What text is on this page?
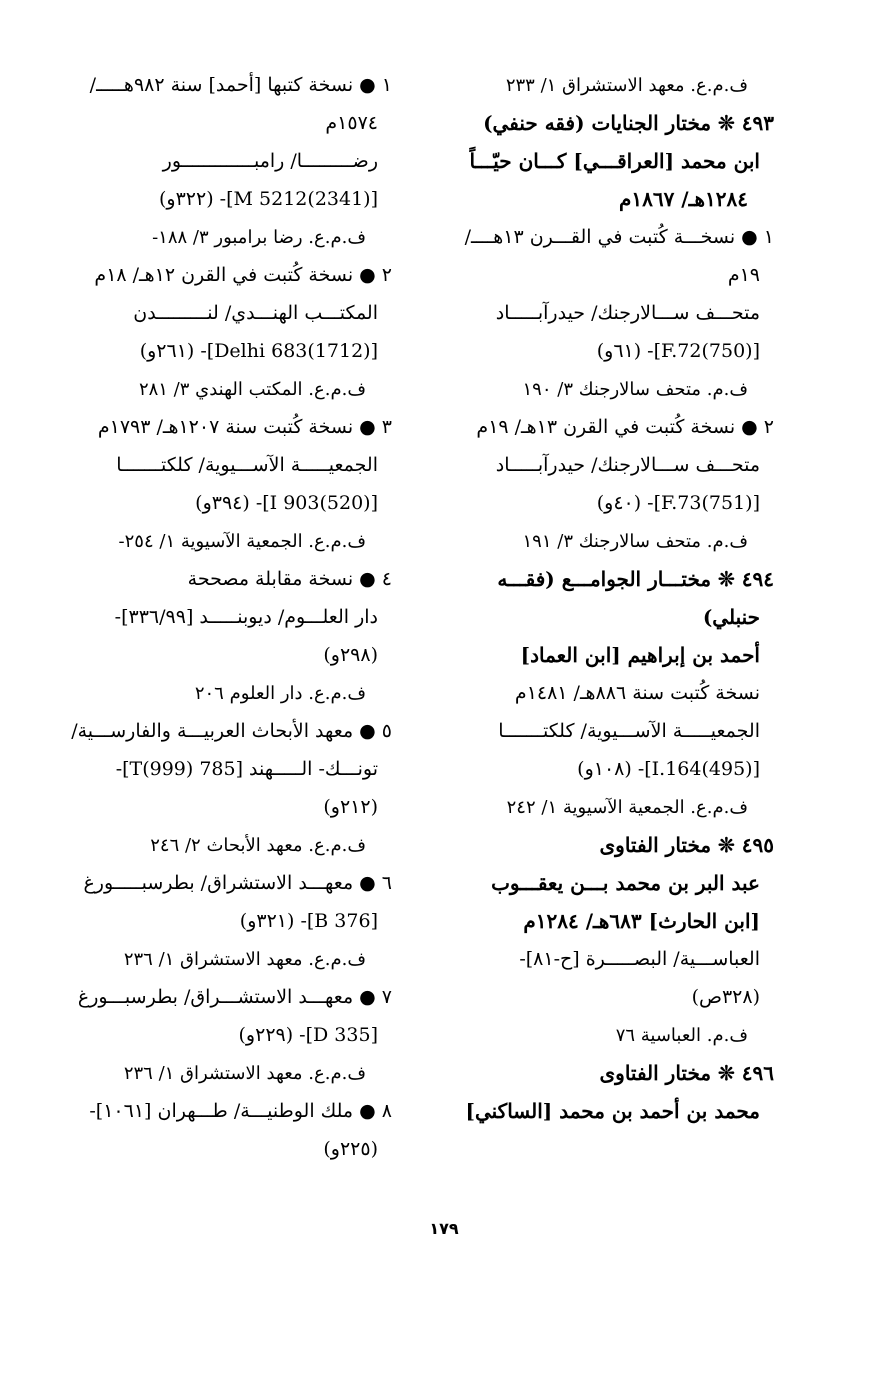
ف.م.ع. معهد الاستشراق ١/ ٢٣٣
٤٩٣ ❊ مختار الجنايات (فقه حنفي)
ابن محمد [العراقـــي] كـــان حيّـــاً
١٢٨٤هـ/ ١٨٦٧م
١ ● نسخـــة كُتبت في القـــرن ١٣هــــ/
١٩م
متحـــف ســـالارجنك/ حيدرآبـــــاد
[(750)F.72]- (٦١و)
ف.م. متحف سالارجنك ٣/ ١٩٠
٢ ● نسخة كُتبت في القرن ١٣هـ/ ١٩م
متحـــف ســـالارجنك/ حيدرآبـــــاد
[(751)F.73]- (٤٠و)
ف.م. متحف سالارجنك ٣/ ١٩١
٤٩٤ ❊ مختـــار الجوامـــع (فقـــه
حنبلي)
أحمد بن إبراهيم [ابن العماد]
نسخة كُتبت سنة ٨٨٦هـ/ ١٤٨١م
الجمعيـــــة الآســـيوية/ كلكتـــــــا
[(495)I.164]- (١٠٨و)
ف.م.ع. الجمعية الآسيوية ١/ ٢٤٢
٤٩٥ ❊ مختار الفتاوى
عبد البر بن محمد بـــن يعقـــوب
[ابن الحارث] ٦٨٣هـ/ ١٢٨٤م
العباســـية/ البصـــــرة [ح-٨١]-
(٣٢٨ص)
ف.م. العباسية ٧٦
٤٩٦ ❊ مختار الفتاوى
محمد بن أحمد بن محمد [الساكني]
١ ● نسخة كتبها [أحمد] سنة ٩٨٢هـــــ/
١٥٧٤م
رضـــــــــا/ رامبـــــــــــــور
[(2341)5212 M]- (٣٢٢و)
ف.م.ع. رضا برامبور ٣/ ١٨٨-
٢ ● نسخة كُتبت في القرن ١٢هـ/ ١٨م
المكتـــب الهنـــدي/ لنـــــــــدن
[(1712)Delhi 683]- (٢٦١و)
ف.م.ع. المكتب الهندي ٣/ ٢٨١
٣ ● نسخة كُتبت سنة ١٢٠٧هـ/ ١٧٩٣م
الجمعيـــــة الآســـيوية/ كلكتـــــــا
[(520)I 903]- (٣٩٤و)
ف.م.ع. الجمعية الآسيوية ١/ ٢٥٤-
٤ ● نسخة مقابلة مصححة
دار العلـــوم/ ديوبنـــــد [٣٣٦/٩٩]-
(٢٩٨و)
ف.م.ع. دار العلوم ٢٠٦
٥ ● معهد الأبحاث العربيـــة والفارســـية/
تونـــك- الـــــهند [785 T(999)]-
(٢١٢و)
ف.م.ع. معهد الأبحاث ٢/ ٢٤٦
٦ ● معهـــد الاستشراق/ بطرسبـــــورغ
[B 376]- (٣٢١و)
ف.م.ع. معهد الاستشراق ١/ ٢٣٦
٧ ● معهـــد الاستشـــراق/ بطرسبـــورغ
[D 335]- (٢٢٩و)
ف.م.ع. معهد الاستشراق ١/ ٢٣٦
٨ ● ملك الوطنيـــة/ طـــهران [١٠٦١]-
(٢٢٥و)
١٧٩
